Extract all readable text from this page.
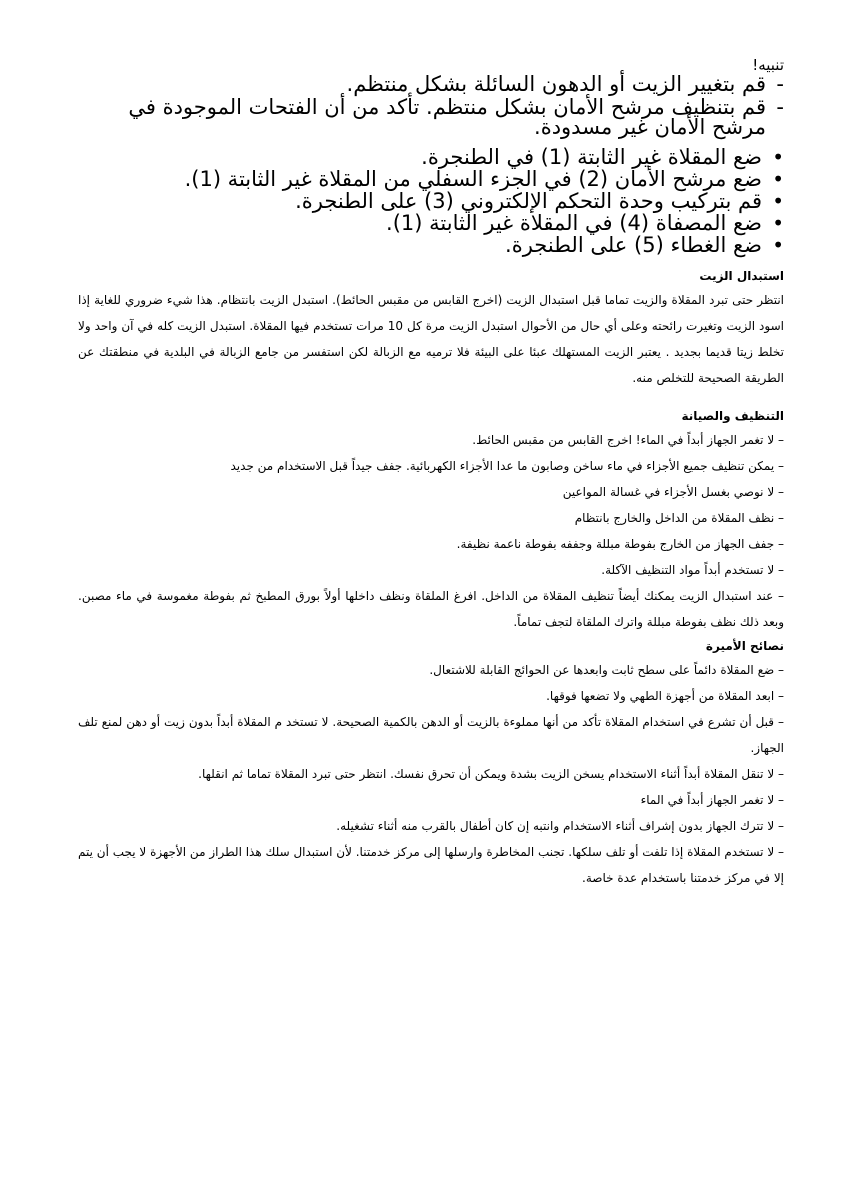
تنبيه!

- قم بتغيير الزيت أو الدهون السائلة بشكل منتظم.
- قم بتنظيف مرشح الأمان بشكل منتظم. تأكد من أن الفتحات الموجودة في مرشح الأمان غير مسدودة.
• ضع المقلاة غير الثابتة (1) في الطنجرة.
• ضع مرشح الأمان (2) في الجزء السفلي من المقلاة غير الثابتة (1).
• قم بتركيب وحدة التحكم الإلكتروني (3) على الطنجرة.
• ضع المصفاة (4) في المقلاة غير الثابتة (1).
• ضع الغطاء (5) على الطنجرة.
استبدال الزيت

انتظر حتى تبرد المقلاة والزيت تماما قبل استبدال الزيت (اخرج القابس من مقبس الحائط). استبدل الزيت بانتظام. هذا شيء ضروري للغاية إذا اسود الزيت وتغيرت رائحته وعلى أي حال من الأحوال استبدل الزيت مرة كل 10 مرات تستخدم فيها المقلاة. استبدل الزيت كله في آن واحد ولا تخلط زيتا قديما بجديد . يعتبر الزيت المستهلك عبئا على البيئة فلا ترميه مع الزبالة لكن استفسر من جامع الزبالة في البلدية في منطقتك عن الطريقة الصحيحة للتخلص منه.

التنظيف والصيانة
– لا تغمر الجهاز أبداً في الماء! اخرج القابس من مقبس الحائط.
– يمكن تنظيف جميع الأجزاء في ماء ساخن وصابون ما عدا الأجزاء الكهربائية. جفف جيداً قبل الاستخدام من جديد
– لا نوصي بغسل الأجزاء في غسالة المواعين
– نظف المقلاة من الداخل والخارج بانتظام
– جفف الجهاز من الخارج بفوطة مبللة وجففه بفوطة ناعمة نظيفة.
– لا تستخدم أبداً مواد التنظيف الآكلة.
– عند استبدال الزيت يمكنك أيضاً تنظيف المقلاة من الداخل. افرغ الملقاة ونظف داخلها أولاً بورق المطبخ ثم بفوطة مغموسة في ماء مصبن. وبعد ذلك نظف بفوطة مبللة واترك الملقاة لتجف تماماً.
نصائح الأميرة
– ضع المقلاة دائماً على سطح ثابت وابعدها عن الحوائج القابلة للاشتعال.
– ابعد المقلاة من أجهزة الطهي ولا تضعها فوقها.
– قبل أن تشرع في استخدام المقلاة تأكد من أنها مملوءة بالزيت أو الدهن بالكمية الصحيحة. لا تستخد م المقلاة أبداً بدون زيت أو دهن لمنع تلف الجهاز.
– لا تنقل المقلاة أبداً أثناء الاستخدام يسخن الزيت بشدة ويمكن أن تحرق نفسك. انتظر حتى تبرد المقلاة تماما ثم انقلها.
– لا تغمر الجهاز أبداً في الماء
– لا تترك الجهاز بدون إشراف أثناء الاستخدام وانتبه إن كان أطفال بالقرب منه أثناء تشغيله.
– لا تستخدم المقلاة إذا تلفت أو تلف سلكها. تجنب المخاطرة وارسلها إلى مركز خدمتنا. لأن استبدال سلك هذا الطراز من الأجهزة لا يجب أن يتم إلا في مركز خدمتنا باستخدام عدة خاصة.
